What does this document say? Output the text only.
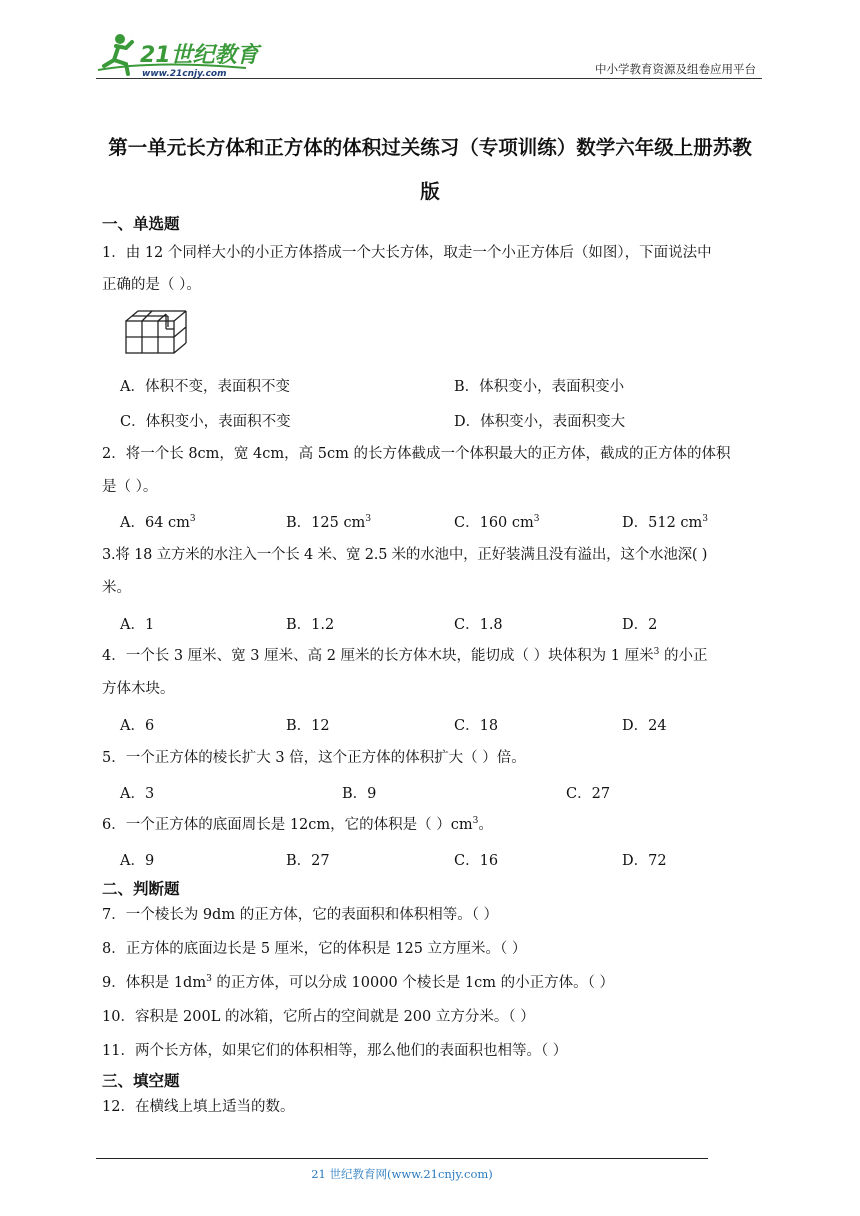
21世纪教育
www.21cnjy.com	中小学教育资源及组卷应用平台
第一单元长方体和正方体的体积过关练习（专项训练）数学六年级上册苏教
版
一、单选题
1．由 12 个同样大小的小正方体搭成一个大长方体，取走一个小正方体后（如图），下面说法中
正确的是（ ）。
A．体积不变，表面积不变	B．体积变小，表面积变小
C．体积变小，表面积不变	D．体积变小，表面积变大
2．将一个长 8cm，宽 4cm，高 5cm 的长方体截成一个体积最大的正方体，截成的正方体的体积
是（ ）。
A．64 $cm^3$	B．125 $cm^3$	C．160 $cm^3$	D．512 $cm^3$
3.将 18 立方米的水注入一个长 4 米、宽 2.5 米的水池中，正好装满且没有溢出，这个水池深( )
米。
A．1	B．1.2	C．1.8	D．2
4．一个长 3 厘米、宽 3 厘米、高 2 厘米的长方体木块，能切成（ ）块体积为 1 厘米$^3$ 的小正
方体木块。
A．6	B．12	C．18	D．24
5．一个正方体的棱长扩大 3 倍，这个正方体的体积扩大（ ）倍。
A．3	B．9	C．27
6．一个正方体的底面周长是 12cm，它的体积是（ ）$cm^3$。
A．9	B．27	C．16	D．72
二、判断题
7．一个棱长为 9dm 的正方体，它的表面积和体积相等。（ ）
8．正方体的底面边长是 5 厘米，它的体积是 125 立方厘米。（ ）
9．体积是 $1dm^3$ 的正方体，可以分成 10000 个棱长是 1cm 的小正方体。（ ）
10．容积是 200L 的冰箱，它所占的空间就是 200 立方分米。（ ）
11．两个长方体，如果它们的体积相等，那么他们的表面积也相等。（ ）
三、填空题
12．在横线上填上适当的数。
21 世纪教育网(www.21cnjy.com)
